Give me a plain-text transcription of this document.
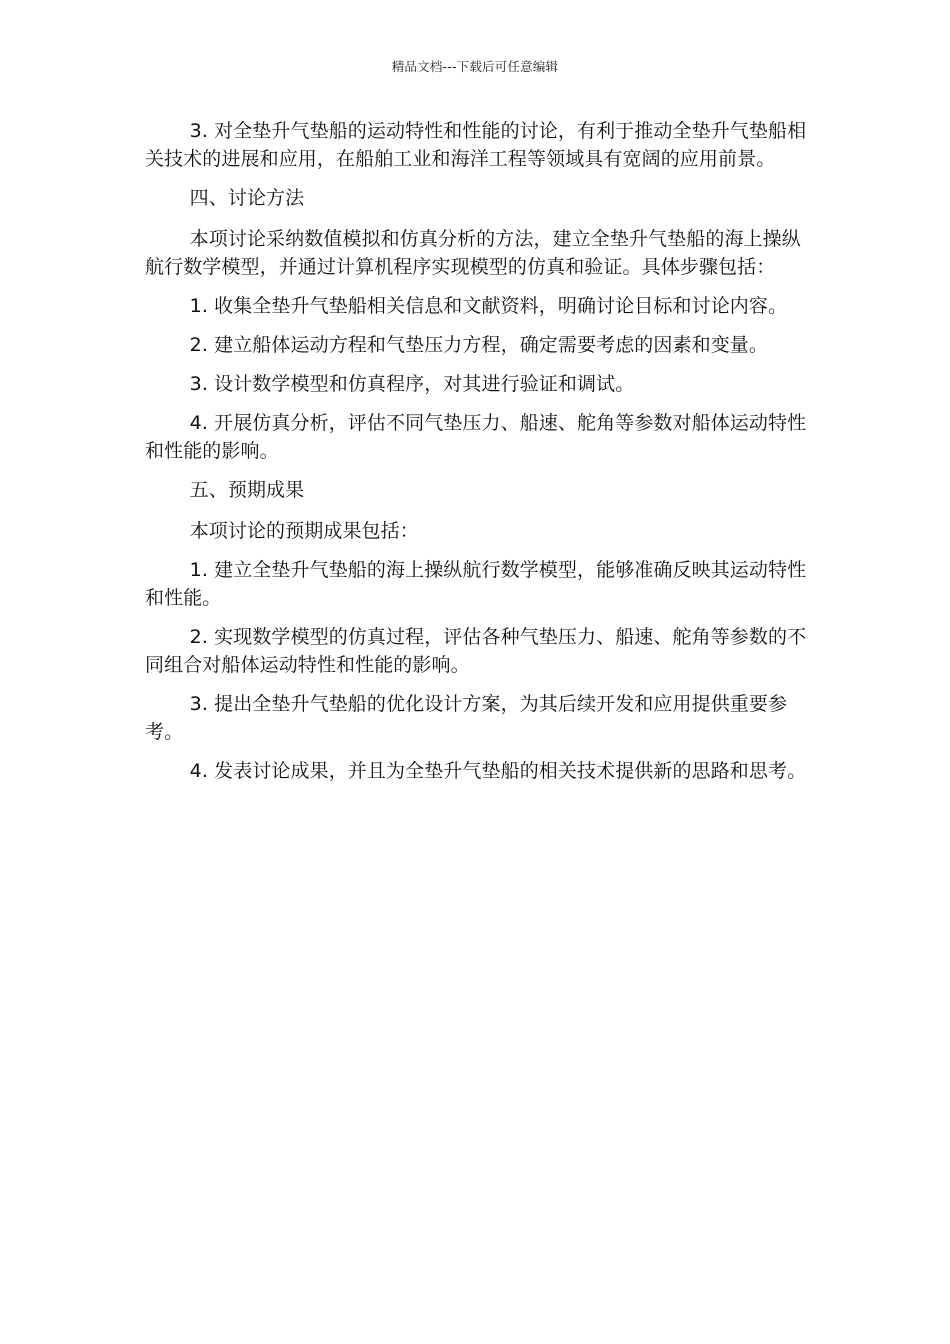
精品文档---下载后可任意编辑

3. 对全垫升气垫船的运动特性和性能的讨论，有利于推动全垫升气垫船相关技术的进展和应用，在船舶工业和海洋工程等领域具有宽阔的应用前景。

四、讨论方法

本项讨论采纳数值模拟和仿真分析的方法，建立全垫升气垫船的海上操纵航行数学模型，并通过计算机程序实现模型的仿真和验证。具体步骤包括：

1. 收集全垫升气垫船相关信息和文献资料，明确讨论目标和讨论内容。

2. 建立船体运动方程和气垫压力方程，确定需要考虑的因素和变量。

3. 设计数学模型和仿真程序，对其进行验证和调试。

4. 开展仿真分析，评估不同气垫压力、船速、舵角等参数对船体运动特性和性能的影响。

五、预期成果

本项讨论的预期成果包括：

1. 建立全垫升气垫船的海上操纵航行数学模型，能够准确反映其运动特性和性能。

2. 实现数学模型的仿真过程，评估各种气垫压力、船速、舵角等参数的不同组合对船体运动特性和性能的影响。

3. 提出全垫升气垫船的优化设计方案，为其后续开发和应用提供重要参考。

4. 发表讨论成果，并且为全垫升气垫船的相关技术提供新的思路和思考。
